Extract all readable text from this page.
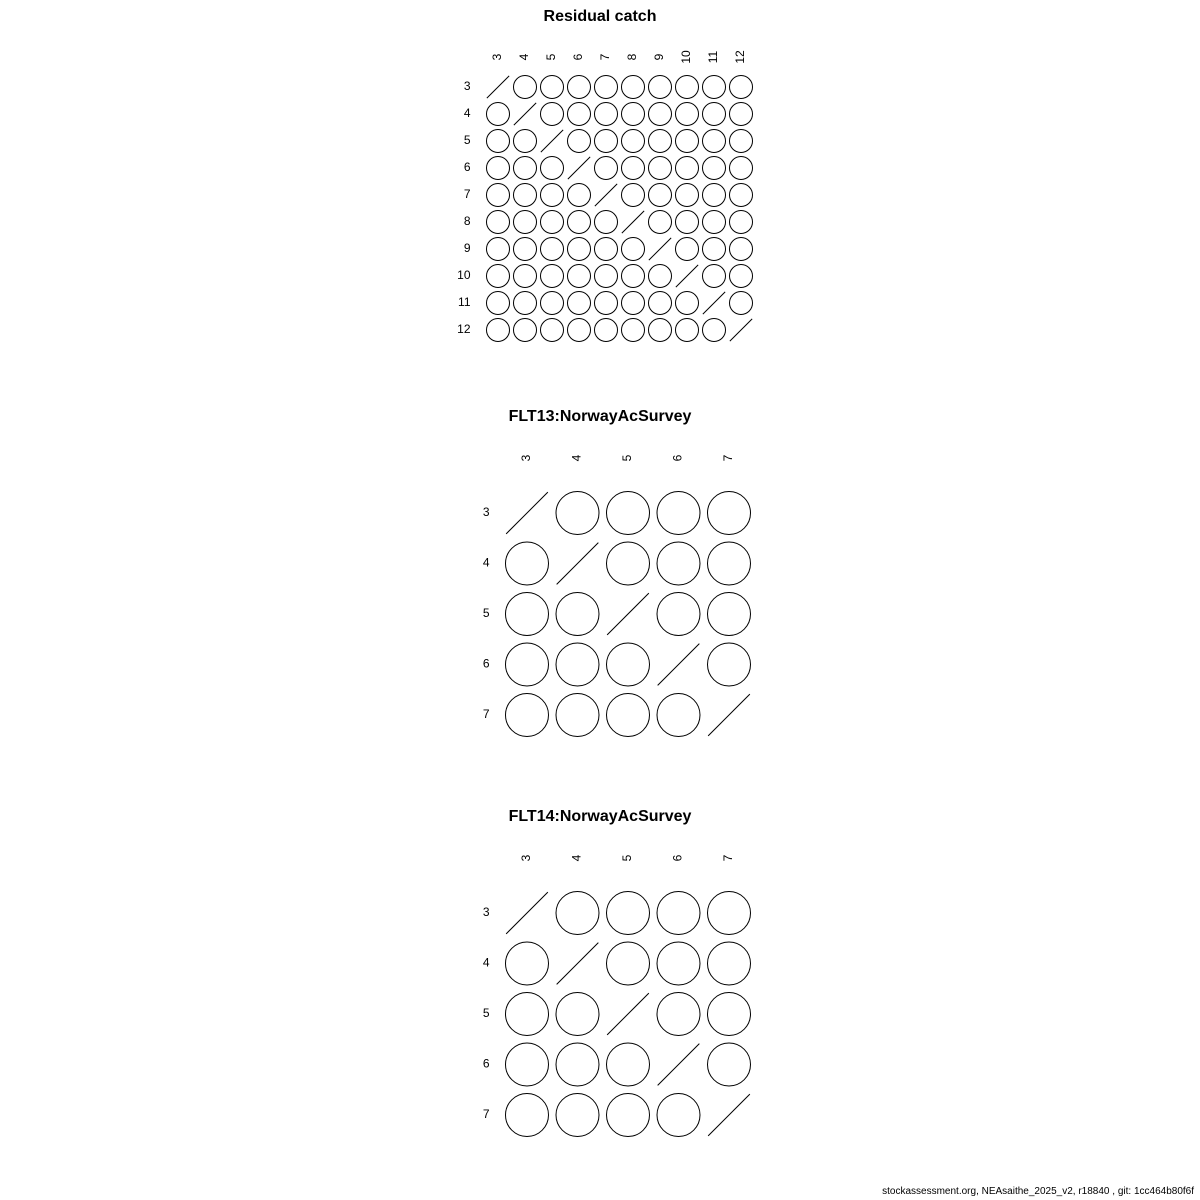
Residual catch
3 4 5 6 7 8 9 10 11 12
3
4
5
6
7
8
9
10
11
12
FLT13:NorwayAcSurvey
3	4	5	6	7
3
4
5
6
7
FLT14:NorwayAcSurvey
3	4	5	6	7
3
4
5
6
7
stockassessment.org, NEAsaithe_2025_v2, r18840 , git: 1cc464b80f6f
